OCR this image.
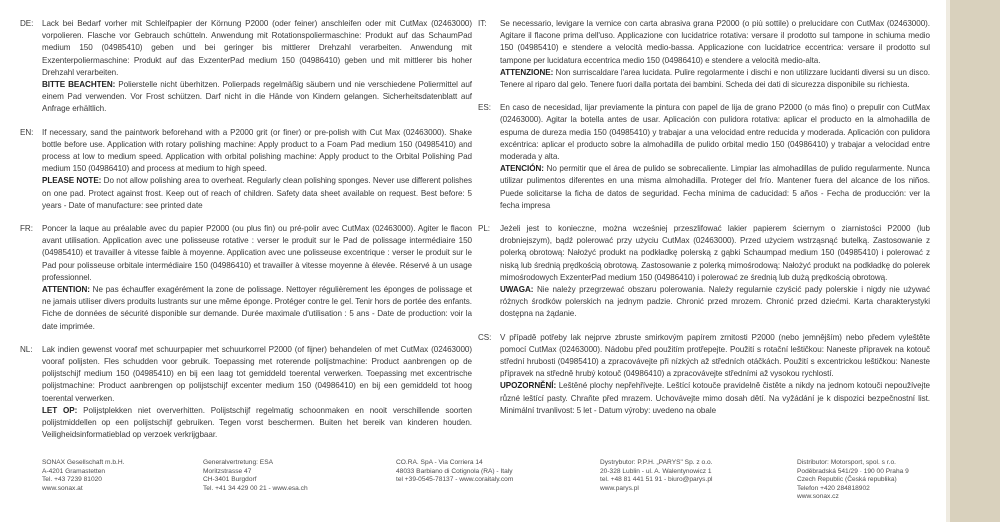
DE: Lack bei Bedarf vorher mit Schleifpapier der Körnung P2000 (oder feiner) anschleifen oder mit CutMax (02463000) vorpolieren. Flasche vor Gebrauch schütteln. Anwendung mit Rotationspoliermaschine: Produkt auf das SchaumPad medium 150 (04985410) geben und bei geringer bis mittlerer Drehzahl verarbeiten. Anwendung mit Exzenterpoliermaschine: Produkt auf das ExzenterPad medium 150 (04986410) geben und mit mittlerer bis hoher Drehzahl verarbeiten.
BITTE BEACHTEN: Polierstelle nicht überhitzen. Polierpads regelmäßig säubern und nie verschiedene Poliermittel auf einem Pad verwenden. Vor Frost schützen. Darf nicht in die Hände von Kindern gelangen. Sicherheitsdatenblatt auf Anfrage erhältlich.

EN: If necessary, sand the paintwork beforehand with a P2000 grit (or finer) or pre-polish with Cut Max (02463000). Shake bottle before use. Application with rotary polishing machine: Apply product to a Foam Pad medium 150 (04985410) and process at low to medium speed. Application with orbital polishing machine: Apply product to the Orbital Polishing Pad medium 150 (04986410) and process at medium to high speed.
PLEASE NOTE: Do not allow polishing area to overheat. Regularly clean polishing sponges. Never use different polishes on one pad. Protect against frost. Keep out of reach of children. Safety data sheet available on request. Best before: 5 years - Date of manufacture: see printed date

FR: Poncer la laque au préalable avec du papier P2000 (ou plus fin) ou pré-polir avec CutMax (02463000). Agiter le flacon avant utilisation. Application avec une polisseuse rotative : verser le produit sur le Pad de polissage intermédiaire 150 (04985410) et travailler à vitesse faible à moyenne. Application avec une polisseuse excentrique : verser le produit sur le Pad pour polisseuse orbitale intermédiaire 150 (04986410) et travailler à vitesse moyenne à élevée. Réservé à un usage professionnel.
ATTENTION: Ne pas échauffer exagérément la zone de polissage. Nettoyer régulièrement les éponges de polissage et ne jamais utiliser divers produits lustrants sur une même éponge. Protéger contre le gel. Tenir hors de portée des enfants. Fiche de données de sécurité disponible sur demande. Durée maximale d'utilisation : 5 ans - Date de production: voir la date imprimée.

NL: Lak indien gewenst vooraf met schuurpapier met schuurkorrel P2000 (of fijner) behandelen of met CutMax (02463000) vooraf polijsten. Fles schudden voor gebruik. Toepassing met roterende polijstmachine: Product aanbrengen op de polijstschijf medium 150 (04985410) en bij een laag tot gemiddeld toerental verwerken. Toepassing met excentrische polijstmachine: Product aanbrengen op polijstschijf excenter medium 150 (04986410) en bij een gemiddeld tot hoog toerental verwerken.
LET OP: Polijstplekken niet oververhitten. Polijstschijf regelmatig schoonmaken en nooit verschillende soorten polijstmiddellen op een polijstschijf gebruiken. Tegen vorst beschermen. Buiten het bereik van kinderen houden. Veiligheidsinformatieblad op verzoek verkrijgbaar.

IT: Se necessario, levigare la vernice con carta abrasiva grana P2000 (o più sottile) o prelucidare con CutMax (02463000). Agitare il flacone prima dell'uso. Applicazione con lucidatrice rotativa: versare il prodotto sul tampone in schiuma medio 150 (04985410) e stendere a velocità medio-bassa. Applicazione con lucidatrice eccentrica: versare il prodotto sul tampone per lucidatura eccentrica medio 150 (04986410) e stendere a velocità medio-alta.
ATTENZIONE: Non surriscaldare l'area lucidata. Pulire regolarmente i dischi e non utilizzare lucidanti diversi su un disco. Tenere al riparo dal gelo. Tenere fuori dalla portata dei bambini. Scheda dei dati di sicurezza disponibile su richiesta.

ES: En caso de necesidad, lijar previamente la pintura con papel de lija de grano P2000 (o más fino) o prepulir con CutMax (02463000). Agitar la botella antes de usar. Aplicación con pulidora rotativa: aplicar el producto en la almohadilla de espuma de dureza media 150 (04985410) y trabajar a una velocidad entre reducida y moderada. Aplicación con pulidora excéntrica: aplicar el producto sobre la almohadilla de pulido orbital medio 150 (04986410) y trabajar a velocidad entre moderada y alta.
ATENCIÓN: No permitir que el área de pulido se sobrecaliente. Limpiar las almohadillas de pulido regularmente. Nunca utilizar pulimentos diferentes en una misma almohadilla. Proteger del frío. Mantener fuera del alcance de los niños. Puede solicitarse la ficha de datos de seguridad. Fecha mínima de caducidad: 5 años - Fecha de producción: ver la fecha impresa

PL: Jeżeli jest to konieczne, można wcześniej przeszlifować lakier papierem ściernym o ziarnistości P2000 (lub drobniejszym), bądź polerować przy użyciu CutMax (02463000). Przed użyciem wstrząsnąć butelką. Zastosowanie z polerką obrotową: Nałożyć produkt na podkładkę polerską z gąbki Schaumpad medium 150 (04985410) i polerować z niską lub średnią prędkością obrotową. Zastosowanie z polerką mimośrodową: Nałożyć produkt na podkładkę do polerek mimośrodowych ExzenterPad medium 150 (04986410) i polerować ze średnią lub dużą prędkością obrotową.
UWAGA: Nie należy przegrzewać obszaru polerowania. Należy regularnie czyścić pady polerskie i nigdy nie używać różnych środków polerskich na jednym padzie. Chronić przed mrozem. Chronić przed dziećmi. Karta charakterystyki dostępna na żądanie.

CS: V případě potřeby lak nejprve zbruste smirkovým papírem zrnitosti P2000 (nebo jemnějším) nebo předem vyleštěte pomocí CutMax (02463000). Nádobu před použitím protřepejte. Použití s rotační leštičkou: Naneste přípravek na kotouč střední hrubosti (04985410) a zpracovávejte při nízkých až středních otáčkách. Použití s excentrickou leštičkou: Naneste přípravek na středně hrubý kotouč (04986410) a zpracovávejte středními až vysokou rychlostí.
UPOZORNĚNÍ: Leštěné plochy nepřehřívejte. Leštící kotouče pravidelně čistěte a nikdy na jednom kotouči nepoužívejte různé leštící pasty. Chraňte před mrazem. Uchovávejte mimo dosah dětí. Na vyžádání je k dispozici bezpečnostní list. Minimální trvanlivost: 5 let - Datum výroby: uvedeno na obale

SONAX Gesellschaft m.b.H.
A-4201 Gramastetten
Tel. +43 7239 81020
www.sonax.at
Generalvertretung: ESA
Moritzstrasse 47
CH-3401 Burgdorf
Tel. +41 34 429 00 21 - www.esa.ch
CO.RA. SpA - Via Corriera 14
48033 Barbiano di Cotignola (RA) - Italy
tel +39-0545-78137 - www.coraitaly.com
Dystrybutor: P.P.H. „PARYS" Sp. z o.o.
20-328 Lublin - ul. A. Walentynowicz 1
tel. +48 81 441 51 91 - biuro@parys.pl
www.parys.pl
Distributor: Motorsport, spol. s r.o.
Poděbradská 541/29 · 190 00 Praha 9
Czech Republic (Česká republika)
Telefon +420 284818902
www.sonax.cz
